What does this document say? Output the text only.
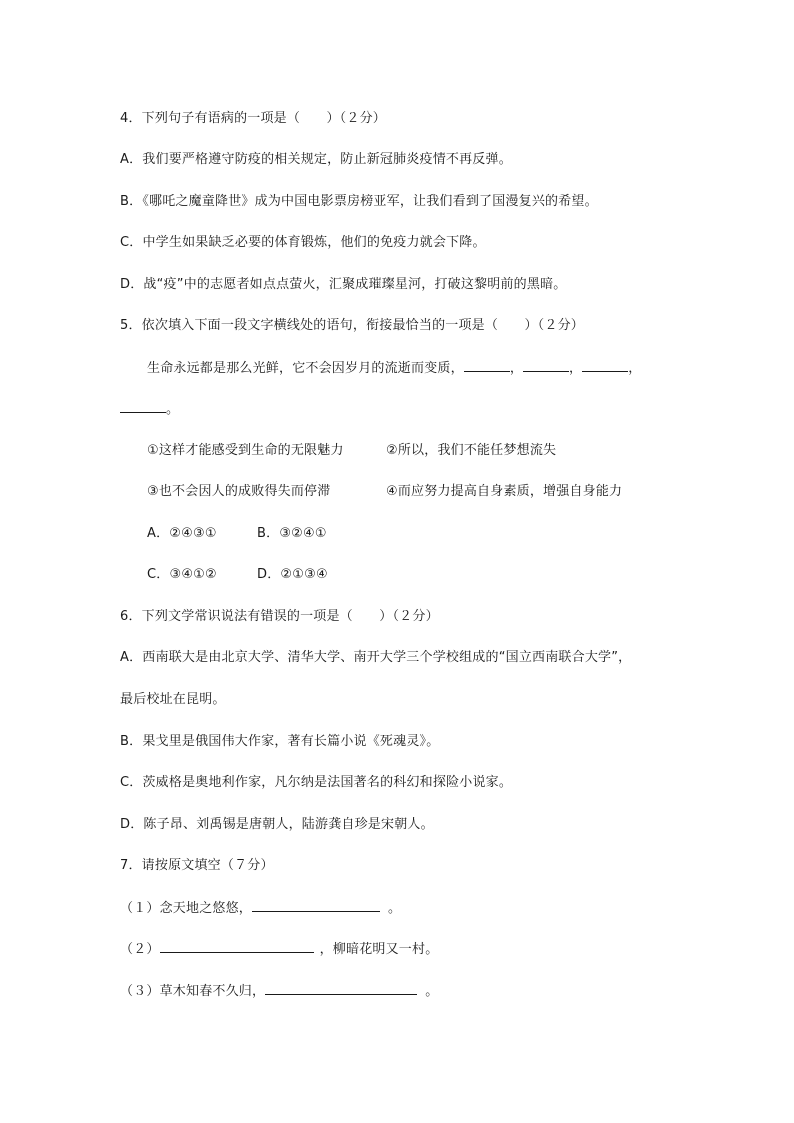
4．下列句子有语病的一项是（　　）（２分）
A．我们要严格遵守防疫的相关规定，防止新冠肺炎疫情不再反弹。
B．《哪吒之魔童降世》成为中国电影票房榜亚军，让我们看到了国漫复兴的希望。
C．中学生如果缺乏必要的体育锻炼，他们的免疫力就会下降。
D．战“疫”中的志愿者如点点萤火，汇聚成璀璨星河，打破这黎明前的黑暗。
5．依次填入下面一段文字横线处的语句，衔接最恰当的一项是（　　）（２分）
生命永远都是那么光鲜，它不会因岁月的流逝而变质，	，	，	，
。
①这样才能感受到生命的无限魅力	②所以，我们不能任梦想流失
③也不会因人的成败得失而停滞	④而应努力提高自身素质，增强自身能力
A．②④③①	B．③②④①
C．③④①②	D．②①③④
6．下列文学常识说法有错误的一项是（　　）（２分）
A．西南联大是由北京大学、清华大学、南开大学三个学校组成的“国立西南联合大学”，
最后校址在昆明。
B．果戈里是俄国伟大作家，著有长篇小说《死魂灵》。
C．茨威格是奥地利作家，凡尔纳是法国著名的科幻和探险小说家。
D．陈子昂、刘禹锡是唐朝人，陆游龚自珍是宋朝人。
7．请按原文填空（７分）
（１）念天地之悠悠，	。
（２）	，柳暗花明又一村。
（３）草木知春不久归，	。
